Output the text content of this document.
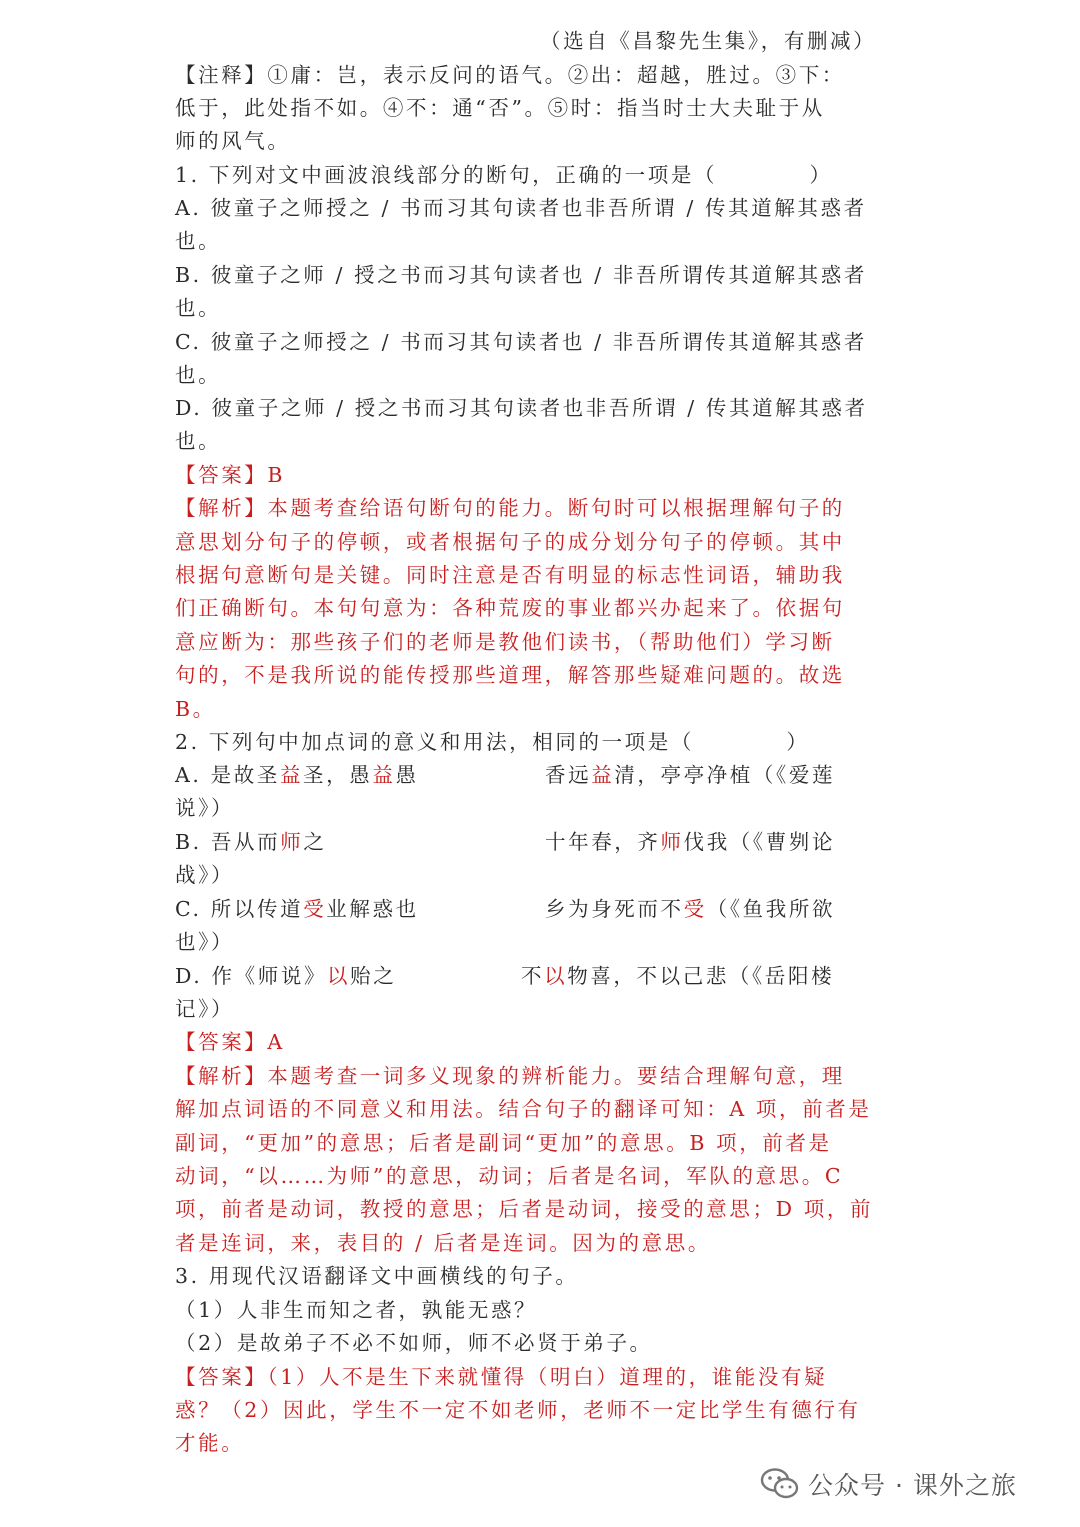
（选自《昌黎先生集》，有删减）
【注释】①庸：岂，表示反问的语气。②出：超越，胜过。③下：
低于，此处指不如。④不：通“否”。⑤时：指当时士大夫耻于从
师的风气。
1. 下列对文中画波浪线部分的断句，正确的一项是（　　　　）
A. 彼童子之师授之 / 书而习其句读者也非吾所谓 / 传其道解其惑者
也。
B. 彼童子之师 / 授之书而习其句读者也 / 非吾所谓传其道解其惑者
也。
C. 彼童子之师授之 / 书而习其句读者也 / 非吾所谓传其道解其惑者
也。
D. 彼童子之师 / 授之书而习其句读者也非吾所谓 / 传其道解其惑者
也。
【答案】B
【解析】本题考查给语句断句的能力。断句时可以根据理解句子的
意思划分句子的停顿，或者根据句子的成分划分句子的停顿。其中
根据句意断句是关键。同时注意是否有明显的标志性词语，辅助我
们正确断句。本句句意为：各种荒废的事业都兴办起来了。依据句
意应断为：那些孩子们的老师是教他们读书，（帮助他们）学习断
句的，不是我所说的能传授那些道理，解答那些疑难问题的。故选
B。
2. 下列句中加点词的意义和用法，相同的一项是（　　　　）
A. 是故圣益圣，愚益愚	香远益清，亭亭净植（《爱莲
说》）
B. 吾从而师之	十年春，齐师伐我（《曹刿论
战》）
C. 所以传道受业解惑也	乡为身死而不受（《鱼我所欲
也》）
D. 作《师说》以贻之	不以物喜，不以己悲（《岳阳楼
记》）
【答案】A
【解析】本题考查一词多义现象的辨析能力。要结合理解句意，理
解加点词语的不同意义和用法。结合句子的翻译可知：A 项，前者是
副词，“更加”的意思；后者是副词“更加”的意思。B 项，前者是
动词，“以……为师”的意思，动词；后者是名词，军队的意思。C
项，前者是动词，教授的意思；后者是动词，接受的意思；D 项，前
者是连词，来，表目的 / 后者是连词。因为的意思。
3. 用现代汉语翻译文中画横线的句子。
（1）人非生而知之者，孰能无惑？
（2）是故弟子不必不如师，师不必贤于弟子。
【答案】（1）人不是生下来就懂得（明白）道理的，谁能没有疑
惑？（2）因此，学生不一定不如老师，老师不一定比学生有德行有
才能。
公众号 · 课外之旅
